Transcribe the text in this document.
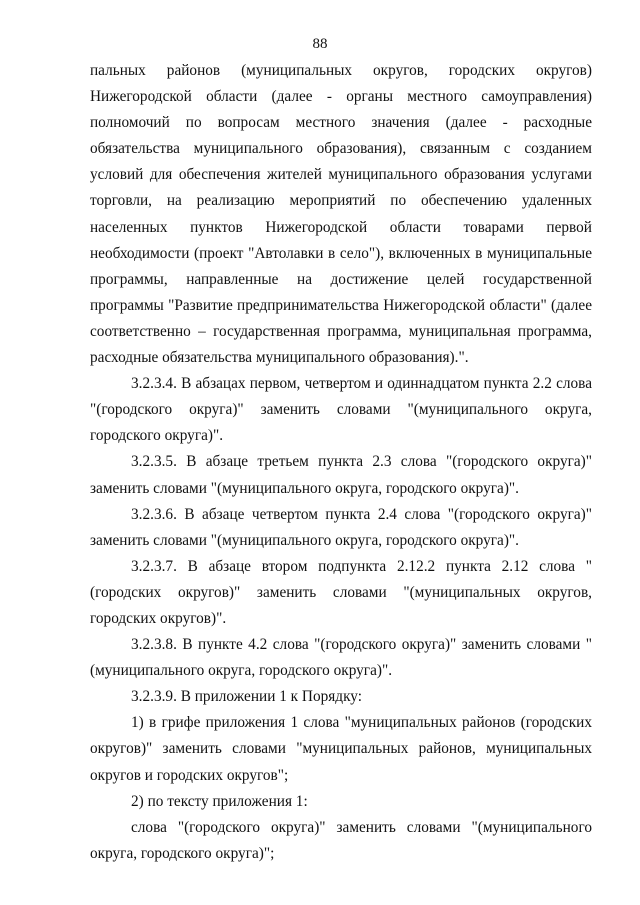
88

пальных районов (муниципальных округов, городских округов) Нижегородской области (далее - органы местного самоуправления) полномочий по вопросам местного значения (далее - расходные обязательства муниципального образования), связанным с созданием условий для обеспечения жителей муниципального образования услугами торговли, на реализацию мероприятий по обеспечению удаленных населенных пунктов Нижегородской области товарами первой необходимости (проект "Автолавки в село"), включенных в муниципальные программы, направленные на достижение целей государственной программы "Развитие предпринимательства Нижегородской области" (далее соответственно – государственная программа, муниципальная программа, расходные обязательства муниципального образования).".

3.2.3.4. В абзацах первом, четвертом и одиннадцатом пункта 2.2 слова "(городского округа)" заменить словами "(муниципального округа, городского округа)".

3.2.3.5. В абзаце третьем пункта 2.3 слова "(городского округа)" заменить словами "(муниципального округа, городского округа)".

3.2.3.6. В абзаце четвертом пункта 2.4 слова "(городского округа)" заменить словами "(муниципального округа, городского округа)".

3.2.3.7. В абзаце втором подпункта 2.12.2 пункта 2.12 слова "(городских округов)" заменить словами "(муниципальных округов, городских округов)".

3.2.3.8. В пункте 4.2 слова "(городского округа)" заменить словами "(муниципального округа, городского округа)".

3.2.3.9. В приложении 1 к Порядку:

1) в грифе приложения 1 слова "муниципальных районов (городских округов)" заменить словами "муниципальных районов, муниципальных округов и городских округов";

2) по тексту приложения 1:

слова "(городского округа)" заменить словами "(муниципального округа, городского округа)";
